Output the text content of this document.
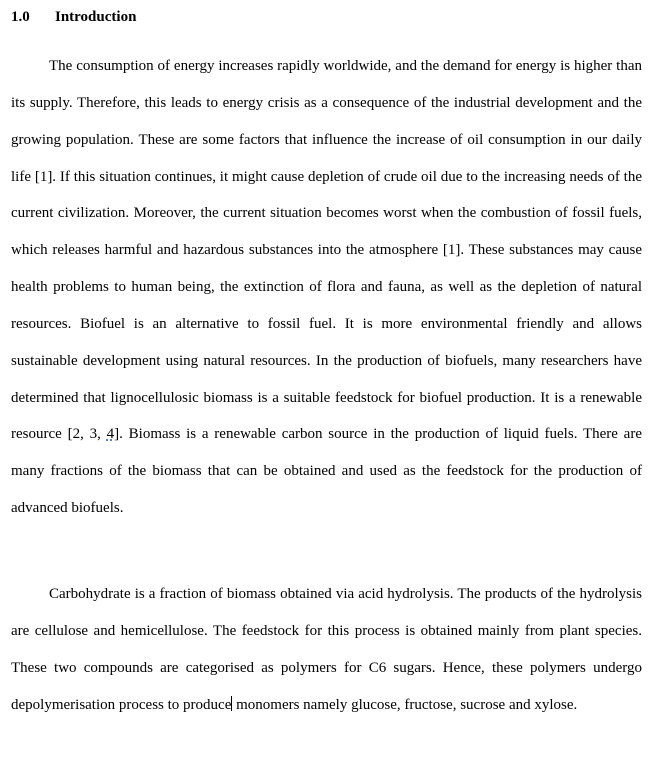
1.0 Introduction

The consumption of energy increases rapidly worldwide, and the demand for energy is higher than its supply. Therefore, this leads to energy crisis as a consequence of the industrial development and the growing population. These are some factors that influence the increase of oil consumption in our daily life [1]. If this situation continues, it might cause depletion of crude oil due to the increasing needs of the current civilization. Moreover, the current situation becomes worst when the combustion of fossil fuels, which releases harmful and hazardous substances into the atmosphere [1]. These substances may cause health problems to human being, the extinction of flora and fauna, as well as the depletion of natural resources. Biofuel is an alternative to fossil fuel. It is more environmental friendly and allows sustainable development using natural resources. In the production of biofuels, many researchers have determined that lignocellulosic biomass is a suitable feedstock for biofuel production. It is a renewable resource [2, 3, 4]. Biomass is a renewable carbon source in the production of liquid fuels. There are many fractions of the biomass that can be obtained and used as the feedstock for the production of advanced biofuels.

Carbohydrate is a fraction of biomass obtained via acid hydrolysis. The products of the hydrolysis are cellulose and hemicellulose. The feedstock for this process is obtained mainly from plant species. These two compounds are categorised as polymers for C6 sugars. Hence, these polymers undergo depolymerisation process to produce monomers namely glucose, fructose, sucrose and xylose.
